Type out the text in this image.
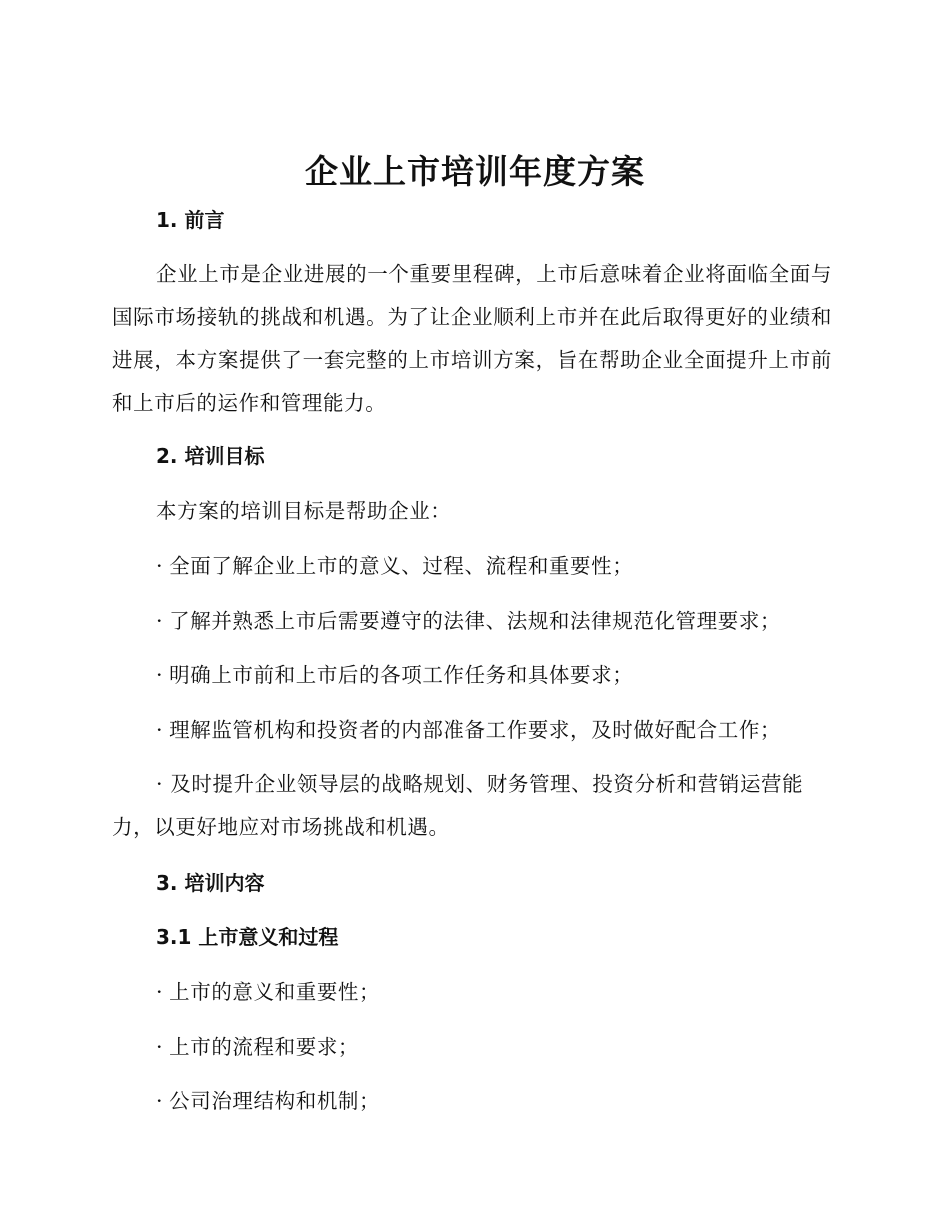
企业上市培训年度方案

1. 前言

企业上市是企业进展的一个重要里程碑，上市后意味着企业将面临全面与国际市场接轨的挑战和机遇。为了让企业顺利上市并在此后取得更好的业绩和进展，本方案提供了一套完整的上市培训方案，旨在帮助企业全面提升上市前和上市后的运作和管理能力。

2. 培训目标

本方案的培训目标是帮助企业：

· 全面了解企业上市的意义、过程、流程和重要性；

· 了解并熟悉上市后需要遵守的法律、法规和法律规范化管理要求；

· 明确上市前和上市后的各项工作任务和具体要求；

· 理解监管机构和投资者的内部准备工作要求，及时做好配合工作；

· 及时提升企业领导层的战略规划、财务管理、投资分析和营销运营能力，以更好地应对市场挑战和机遇。

3. 培训内容

3.1 上市意义和过程

· 上市的意义和重要性；

· 上市的流程和要求；

· 公司治理结构和机制；
